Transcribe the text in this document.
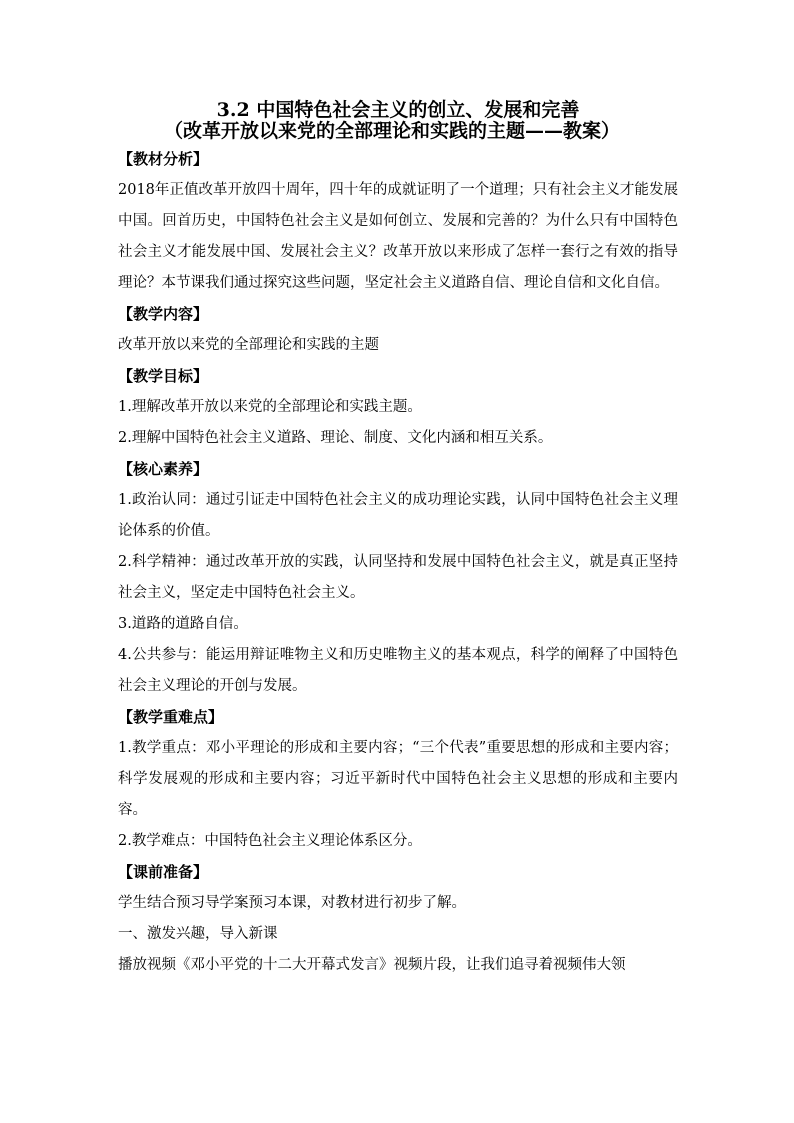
3.2 中国特色社会主义的创立、发展和完善
（改革开放以来党的全部理论和实践的主题——教案）
【教材分析】
2018年正值改革开放四十周年，四十年的成就证明了一个道理；只有社会主义才能发展中国。回首历史，中国特色社会主义是如何创立、发展和完善的？为什么只有中国特色社会主义才能发展中国、发展社会主义？改革开放以来形成了怎样一套行之有效的指导理论？本节课我们通过探究这些问题，坚定社会主义道路自信、理论自信和文化自信。
【教学内容】
改革开放以来党的全部理论和实践的主题
【教学目标】
1.理解改革开放以来党的全部理论和实践主题。
2.理解中国特色社会主义道路、理论、制度、文化内涵和相互关系。
【核心素养】
1.政治认同：通过引证走中国特色社会主义的成功理论实践，认同中国特色社会主义理论体系的价值。
2.科学精神：通过改革开放的实践，认同坚持和发展中国特色社会主义，就是真正坚持社会主义，坚定走中国特色社会主义。
3.道路的道路自信。
4.公共参与：能运用辩证唯物主义和历史唯物主义的基本观点，科学的阐释了中国特色社会主义理论的开创与发展。
【教学重难点】
1.教学重点：邓小平理论的形成和主要内容；“三个代表”重要思想的形成和主要内容；科学发展观的形成和主要内容；习近平新时代中国特色社会主义思想的形成和主要内容。
2.教学难点：中国特色社会主义理论体系区分。
【课前准备】
学生结合预习导学案预习本课，对教材进行初步了解。
一、激发兴趣，导入新课
播放视频《邓小平党的十二大开幕式发言》视频片段，让我们追寻着视频伟大领
